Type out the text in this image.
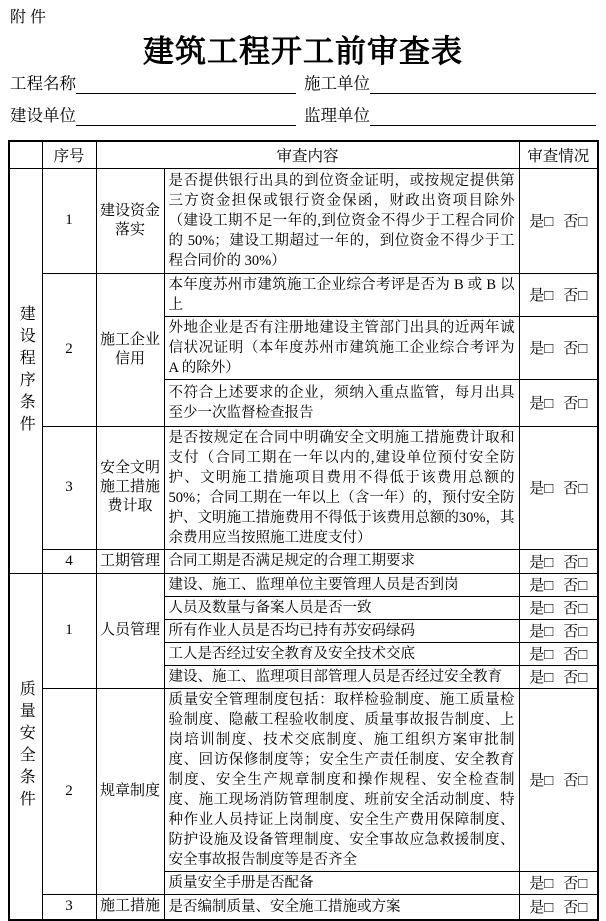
附件
建筑工程开工前审查表
工程名称	施工单位
建设单位	监理单位
	序号	审查内容		审查情况

建设程序条件	1	建设资金落实	是否提供银行出具的到位资金证明，或按规定提供第三方资金担保或银行资金保函，财政出资项目除外（建设工期不足一年的,到位资金不得少于工程合同价的 50%；建设工期超过一年的，到位资金不得少于工程合同价的 30%）	是□ 否□
	2	施工企业信用	本年度苏州市建筑施工企业综合考评是否为 B 或 B 以上	是□ 否□
			外地企业是否有注册地建设主管部门出具的近两年诚信状况证明（本年度苏州市建筑施工企业综合考评为 A 的除外）	是□ 否□
			不符合上述要求的企业，须纳入重点监管，每月出具至少一次监督检查报告	是□ 否□
	3	安全文明施工措施费计取	是否按规定在合同中明确安全文明施工措施费计取和支付（合同工期在一年以内的,建设单位预付安全防护、文明施工措施项目费用不得低于该费用总额的50%；合同工期在一年以上（含一年）的，预付安全防护、文明施工措施费用不得低于该费用总额的30%，其余费用应当按照施工进度支付）	是□ 否□
	4	工期管理	合同工期是否满足规定的合理工期要求	是□ 否□

质量安全条件	1	人员管理	建设、施工、监理单位主要管理人员是否到岗	是□ 否□
			人员及数量与备案人员是否一致	是□ 否□
			所有作业人员是否均已持有苏安码绿码	是□ 否□
			工人是否经过安全教育及安全技术交底	是□ 否□
			建设、施工、监理项目部管理人员是否经过安全教育	是□ 否□
	2	规章制度	质量安全管理制度包括：取样检验制度、施工质量检验制度、隐蔽工程验收制度、质量事故报告制度、上岗培训制度、技术交底制度、施工组织方案审批制度、回访保修制度等；安全生产责任制度、安全教育制度、安全生产规章制度和操作规程、安全检查制度、施工现场消防管理制度、班前安全活动制度、特种作业人员持证上岗制度、安全生产费用保障制度、防护设施及设备管理制度、安全事故应急救援制度、安全事故报告制度等是否齐全	是□ 否□
			质量安全手册是否配备	是□ 否□
	3	施工措施	是否编制质量、安全施工措施或方案	是□ 否□
